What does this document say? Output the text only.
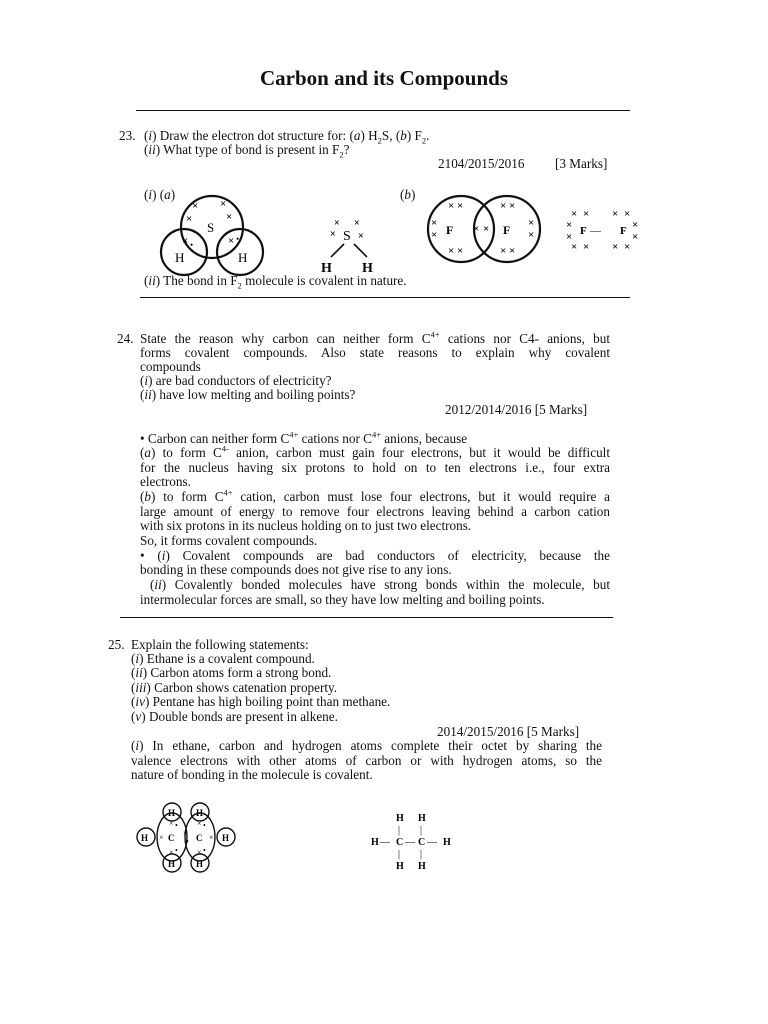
Carbon and its Compounds
23. (i) Draw the electron dot structure for: (a) $H_2S$, (b) $F_2$.
(ii) What type of bond is present in $F_2$?
2104/2015/2016 [3 Marks]
(i) (a)	(b)
S
H	H
× ×
×	×
× •	× •	S
× ×
× ×
H H
F	F
× ×	× ×
×
×
×
×
× ×
× ×	× ×
× × × ×
×
×
×
×
F — F
× × × ×
(ii) The bond in $F_2$ molecule is covalent in nature.
24. State the reason why carbon can neither form $C^{4+}$ cations nor C4- anions, but
forms covalent compounds. Also state reasons to explain why covalent
compounds
(i) are bad conductors of electricity?
(ii) have low melting and boiling points?
2012/2014/2016 [5 Marks]
• Carbon can neither form $C^{4+}$ cations nor $C^{4+}$ anions, because
(a) to form $C^{4-}$ anion, carbon must gain four electrons, but it would be difficult
for the nucleus having six protons to hold on to ten electrons i.e., four extra
electrons.
(b) to form $C^{4+}$ cation, carbon must lose four electrons, but it would require a
large amount of energy to remove four electrons leaving behind a carbon cation
with six protons in its nucleus holding on to just two electrons.
So, it forms covalent compounds.
• (i) Covalent compounds are bad conductors of electricity, because the
bonding in these compounds does not give rise to any ions.
(ii) Covalently bonded molecules have strong bonds within the molecule, but
intermolecular forces are small, so they have low melting and boiling points.
25. Explain the following statements:
(i) Ethane is a covalent compound.
(ii) Carbon atoms form a strong bond.
(iii) Carbon shows catenation property.
(iv) Pentane has high boiling point than methane.
(v) Double bonds are present in alkene.
2014/2015/2016 [5 Marks]
(i) In ethane, carbon and hydrogen atoms complete their octet by sharing the
valence electrons with other atoms of carbon or with hydrogen atoms, so the
nature of bonding in the molecule is covalent.
H H
H H
H	H
C C
×	×
×	×
×	×
×
•
•	•
•	•
H H
| |
H — C — C — H
| |
H H
